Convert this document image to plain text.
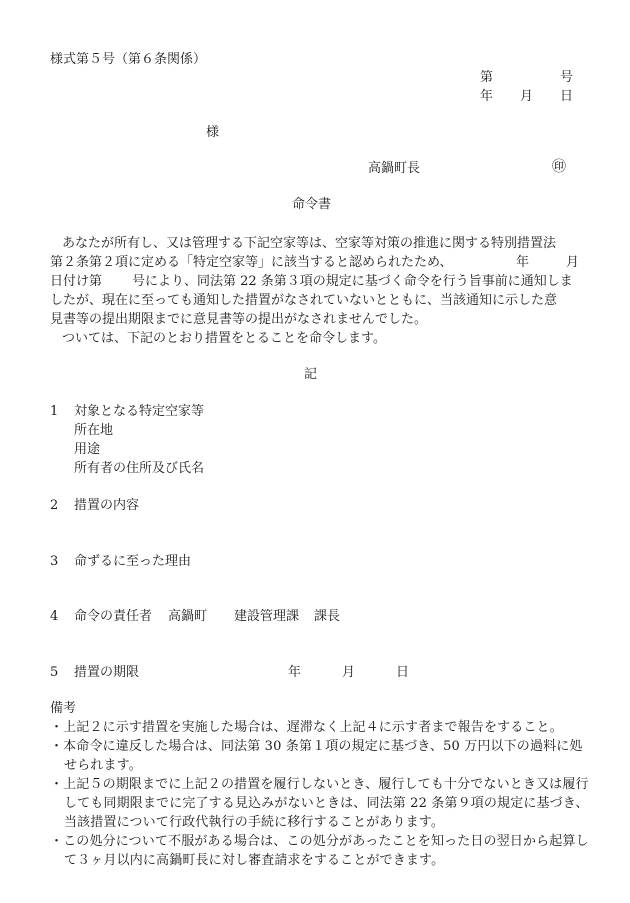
様式第５号（第６条関係）
第	号
年 月 日
様
高鍋町長	㊞
命令書
あなたが所有し、又は管理する下記空家等は、空家等対策の推進に関する特別措置法
第２条第２項に定める「特定空家等」に該当すると認められたため、	年	月
日付け第 号により、同法第 22 条第３項の規定に基づく命令を行う旨事前に通知しま
したが、現在に至っても通知した措置がなされていないとともに、当該通知に示した意
見書等の提出期限までに意見書等の提出がなされませんでした。
ついては、下記のとおり措置をとることを命令します。
記
1 対象となる特定空家等
所在地
用途
所有者の住所及び氏名
2 措置の内容
3 命ずるに至った理由
4 命令の責任者 高鍋町 建設管理課 課長
5 措置の期限	年	月	日
備考
・上記２に示す措置を実施した場合は、遅滞なく上記４に示す者まで報告をすること。
・本命令に違反した場合は、同法第 30 条第１項の規定に基づき、50 万円以下の過料に処せられます。
・上記５の期限までに上記２の措置を履行しないとき、履行しても十分でないとき又は履行しても同期限までに完了する見込みがないときは、同法第 22 条第９項の規定に基づき、当該措置について行政代執行の手続に移行することがあります。
・この処分について不服がある場合は、この処分があったことを知った日の翌日から起算して３ヶ月以内に高鍋町長に対し審査請求をすることができます。
